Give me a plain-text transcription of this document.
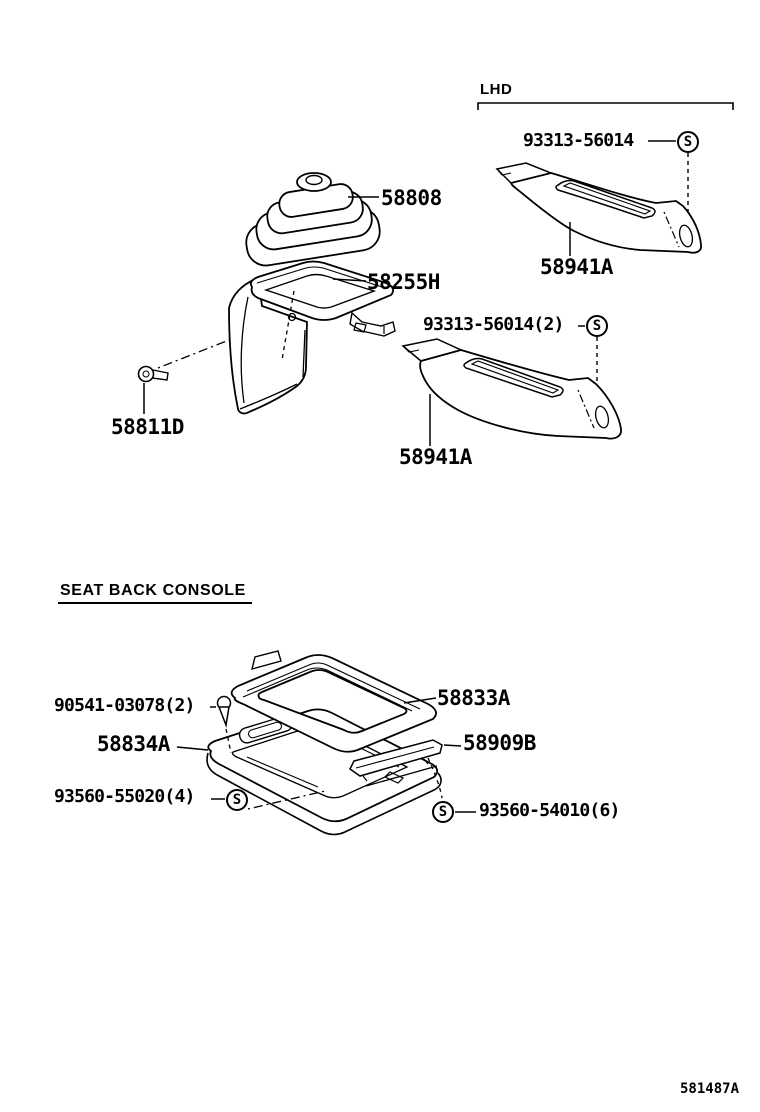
LHD
93313-56014	S
58941A
58808
58255H
58811D
93313-56014(2)	S
58941A
SEAT BACK CONSOLE
90541-03078(2)
58834A
93560-55020(4)	S
58833A
58909B
S	93560-54010(6)
581487A
